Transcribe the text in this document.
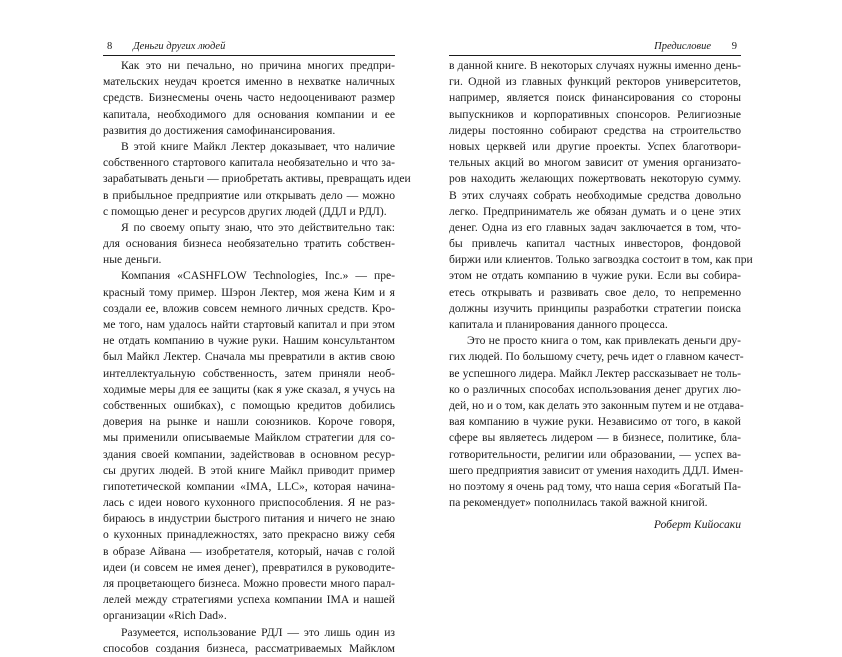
8 Деньги других людей
Как это ни печально, но причина многих предпри-
мательских неудач кроется именно в нехватке наличных
средств. Бизнесмены очень часто недооценивают размер
капитала, необходимого для основания компании и ее
развития до достижения самофинансирования.
В этой книге Майкл Лектер доказывает, что наличие
собственного стартового капитала необязательно и что за-
зарабатывать деньги — приобретать активы, превращать идеи
в прибыльное предприятие или открывать дело — можно
с помощью денег и ресурсов других людей (ДДЛ и РДЛ).
Я по своему опыту знаю, что это действительно так:
для основания бизнеса необязательно тратить собствен-
ные деньги.
Компания «CASHFLOW Technologies, Inc.» — пре-
красный тому пример. Шэрон Лектер, моя жена Ким и я
создали ее, вложив совсем немного личных средств. Кро-
ме того, нам удалось найти стартовый капитал и при этом
не отдать компанию в чужие руки. Нашим консультантом
был Майкл Лектер. Сначала мы превратили в актив свою
интеллектуальную собственность, затем приняли необ-
ходимые меры для ее защиты (как я уже сказал, я учусь на
собственных ошибках), с помощью кредитов добились
доверия на рынке и нашли союзников. Короче говоря,
мы применили описываемые Майклом стратегии для со-
здания своей компании, задействовав в основном ресур-
сы других людей. В этой книге Майкл приводит пример
гипотетической компании «IMA, LLC», которая начина-
лась с идеи нового кухонного приспособления. Я не раз-
бираюсь в индустрии быстрого питания и ничего не знаю
о кухонных принадлежностях, зато прекрасно вижу себя
в образе Айвана — изобретателя, который, начав с голой
идеи (и совсем не имея денег), превратился в руководите-
ля процветающего бизнеса. Можно провести много парал-
лелей между стратегиями успеха компании IMA и нашей
организации «Rich Dad».
Разумеется, использование РДЛ — это лишь один из
способов создания бизнеса, рассматриваемых Майклом
Предисловие 9
в данной книге. В некоторых случаях нужны именно день-
ги. Одной из главных функций ректоров университетов,
например, является поиск финансирования со стороны
выпускников и корпоративных спонсоров. Религиозные
лидеры постоянно собирают средства на строительство
новых церквей или другие проекты. Успех благотвори-
тельных акций во многом зависит от умения организато-
ров находить желающих пожертвовать некоторую сумму.
В этих случаях собрать необходимые средства довольно
легко. Предприниматель же обязан думать и о цене этих
денег. Одна из его главных задач заключается в том, что-
бы привлечь капитал частных инвесторов, фондовой
биржи или клиентов. Только загвоздка состоит в том, как при
этом не отдать компанию в чужие руки. Если вы собира-
етесь открывать и развивать свое дело, то непременно
должны изучить принципы разработки стратегии поиска
капитала и планирования данного процесса.
Это не просто книга о том, как привлекать деньги дру-
гих людей. По большому счету, речь идет о главном качест-
ве успешного лидера. Майкл Лектер рассказывает не толь-
ко о различных способах использования денег других лю-
дей, но и о том, как делать это законным путем и не отдава-
вая компанию в чужие руки. Независимо от того, в какой
сфере вы являетесь лидером — в бизнесе, политике, бла-
готворительности, религии или образовании, — успех ва-
шего предприятия зависит от умения находить ДДЛ. Имен-
но поэтому я очень рад тому, что наша серия «Богатый Па-
па рекомендует» пополнилась такой важной книгой.
Роберт Кийосаки
